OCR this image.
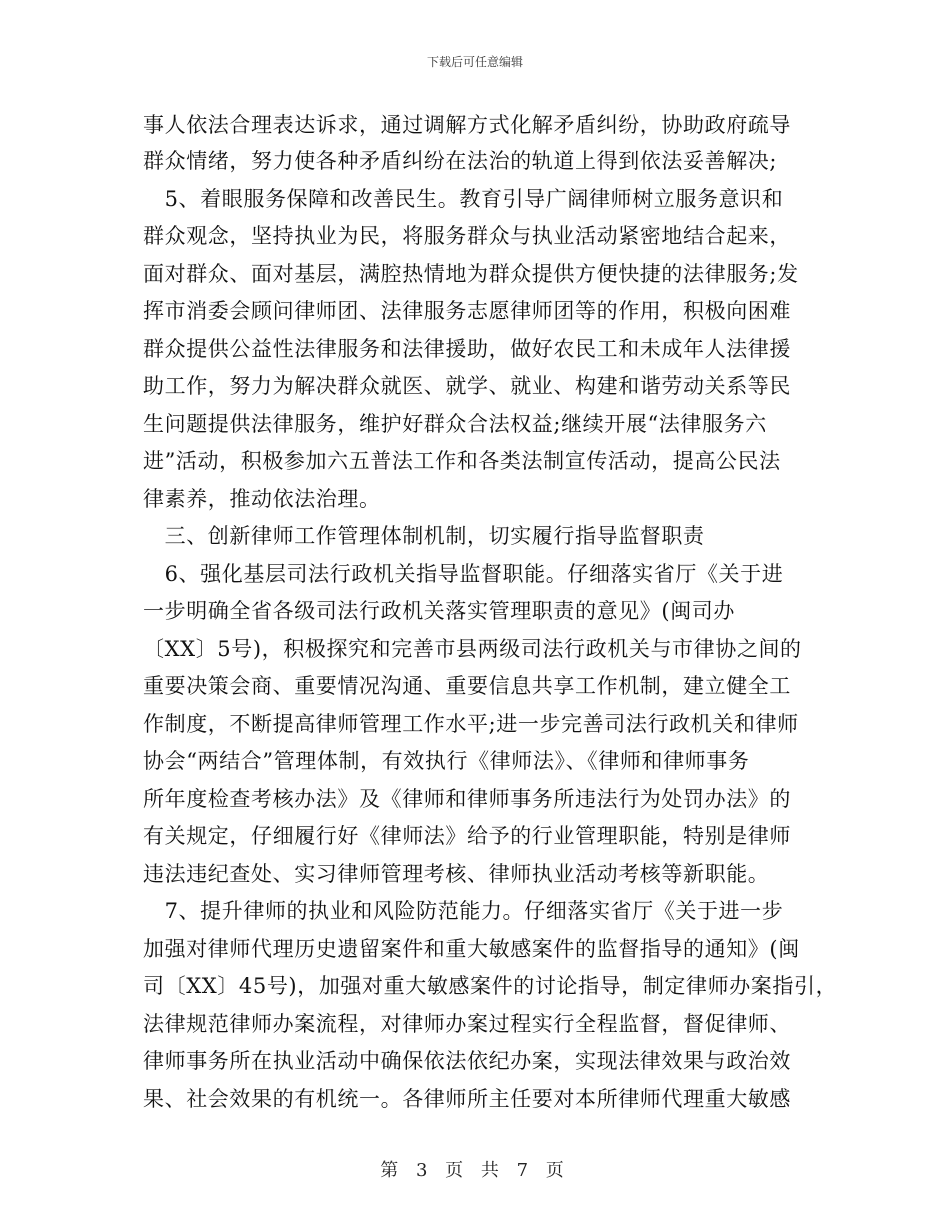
下载后可任意编辑
事人依法合理表达诉求，通过调解方式化解矛盾纠纷，协助政府疏导
群众情绪，努力使各种矛盾纠纷在法治的轨道上得到依法妥善解决;
　5、着眼服务保障和改善民生。教育引导广阔律师树立服务意识和
群众观念，坚持执业为民，将服务群众与执业活动紧密地结合起来，
面对群众、面对基层，满腔热情地为群众提供方便快捷的法律服务;发
挥市消委会顾问律师团、法律服务志愿律师团等的作用，积极向困难
群众提供公益性法律服务和法律援助，做好农民工和未成年人法律援
助工作，努力为解决群众就医、就学、就业、构建和谐劳动关系等民
生问题提供法律服务，维护好群众合法权益;继续开展“法律服务六
进”活动，积极参加六五普法工作和各类法制宣传活动，提高公民法
律素养，推动依法治理。
　三、创新律师工作管理体制机制，切实履行指导监督职责
　6、强化基层司法行政机关指导监督职能。仔细落实省厅《关于进
一步明确全省各级司法行政机关落实管理职责的意见》(闽司办
〔XX〕5号)，积极探究和完善市县两级司法行政机关与市律协之间的
重要决策会商、重要情况沟通、重要信息共享工作机制，建立健全工
作制度，不断提高律师管理工作水平;进一步完善司法行政机关和律师
协会“两结合”管理体制，有效执行《律师法》、《律师和律师事务
所年度检查考核办法》及《律师和律师事务所违法行为处罚办法》的
有关规定，仔细履行好《律师法》给予的行业管理职能，特别是律师
违法违纪查处、实习律师管理考核、律师执业活动考核等新职能。
　7、提升律师的执业和风险防范能力。仔细落实省厅《关于进一步
加强对律师代理历史遗留案件和重大敏感案件的监督指导的通知》(闽
司〔XX〕45号)，加强对重大敏感案件的讨论指导，制定律师办案指引，
法律规范律师办案流程，对律师办案过程实行全程监督，督促律师、
律师事务所在执业活动中确保依法依纪办案，实现法律效果与政治效
果、社会效果的有机统一。各律师所主任要对本所律师代理重大敏感
第 3 页 共 7 页
